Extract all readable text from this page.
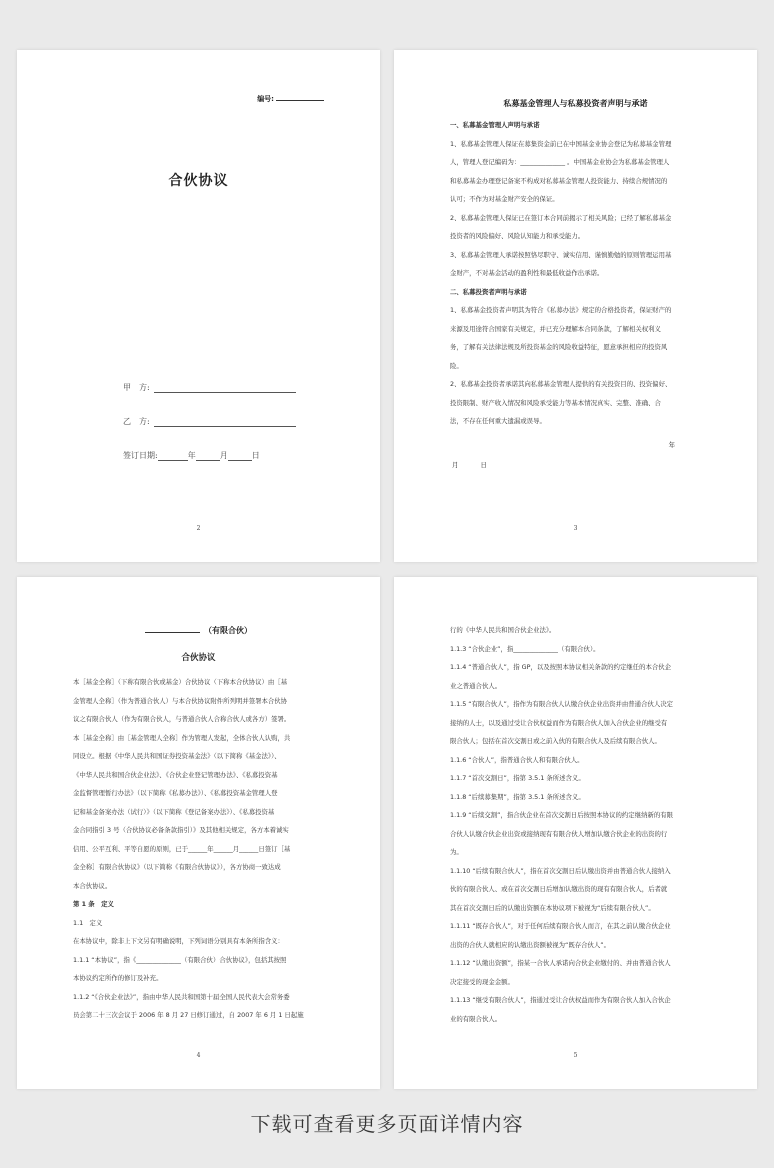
编号:
合伙协议
甲　方:
乙　方:
签订日期:	年	月	日
2
私募基金管理人与私募投资者声明与承诺

一、私募基金管理人声明与承诺

1、私募基金管理人保证在募集资金前已在中国基金业协会登记为私募基金管理

人，管理人登记编码为：______________ 。中国基金业协会为私募基金管理人

和私募基金办理登记备案不构成对私募基金管理人投资能力、持续合规情况的

认可；不作为对基金财产安全的保证。

2、私募基金管理人保证已在签订本合同前揭示了相关风险；已经了解私募基金

投资者的风险偏好、风险认知能力和承受能力。

3、私募基金管理人承诺按照恪尽职守、诚实信用、谨慎勤勉的原则管理运用基

金财产，不对基金活动的盈利性和最低收益作出承诺。

二、私募投资者声明与承诺

1、私募基金投资者声明其为符合《私募办法》规定的合格投资者，保证财产的

来源及用途符合国家有关规定，并已充分理解本合同条款，了解相关权利义

务，了解有关法律法规及所投资基金的风险收益特征，愿意承担相应的投资风

险。

2、私募基金投资者承诺其向私募基金管理人提供的有关投资目的、投资偏好、

投资限制、财产收入情况和风险承受能力等基本情况真实、完整、准确、合

法，不存在任何重大遗漏或误导。

年
月	日
3
（有限合伙）
合伙协议

本［基金全称］（下称有限合伙或基金）合伙协议（下称本合伙协议）由［基

金管理人全称］（作为普通合伙人）与本合伙协议附件所列明并签署本合伙协

议之有限合伙人（作为有限合伙人，与普通合伙人合称合伙人或各方）签署。

本［基金全称］由［基金管理人全称］作为管理人发起，全体合伙人认购，共

同设立。根据《中华人民共和国证券投资基金法》（以下简称《基金法》）、

《中华人民共和国合伙企业法》、《合伙企业登记管理办法》、《私募投资基

金监督管理暂行办法》（以下简称《私募办法》）、《私募投资基金管理人登

记和基金备案办法（试行）》（以下简称《登记备案办法》）、《私募投资基

金合同指引 3 号（合伙协议必备条款指引）》及其他相关规定，各方本着诚实

信用、公平互利、平等自愿的原则，已于______年______月______日签订［基

金全称］有限合伙协议》（以下简称《有限合伙协议》），各方协商一致达成

本合伙协议。

第 1 条　定义

1.1　定义

在本协议中，除非上下文另有明确说明，下列词语分别具有本条所指含义：

1.1.1 “本协议”，指《______________（有限合伙）合伙协议》，包括其按照

本协议约定所作的修订及补充。

1.1.2 “《合伙企业法》”，指由中华人民共和国第十届全国人民代表大会常务委

员会第二十三次会议于 2006 年 8 月 27 日修订通过，自 2007 年 6 月 1 日起施

4

行的《中华人民共和国合伙企业法》。

1.1.3 “合伙企业”，指______________（有限合伙）。

1.1.4 “普通合伙人”，指 GP，以及按照本协议相关条款的约定继任的本合伙企

业之普通合伙人。

1.1.5 “有限合伙人”，指作为有限合伙人认缴合伙企业出资并由普通合伙人决定

接纳的人士，以及通过受让合伙权益而作为有限合伙人加入合伙企业的继受有

限合伙人；包括在首次交割日或之前入伙的有限合伙人及后续有限合伙人。

1.1.6 “合伙人”，指普通合伙人和有限合伙人。

1.1.7 “首次交割日”，指第 3.5.1 条所述含义。

1.1.8 “后续募集期”，指第 3.5.1 条所述含义。

1.1.9 “后续交割”，指合伙企业在首次交割日后按照本协议的约定继纳新的有限

合伙人认缴合伙企业出资或接纳现有有限合伙人增加认缴合伙企业的出资的行

为。

1.1.10 “后续有限合伙人”，指在首次交割日后认缴出资并由普通合伙人接纳入

伙的有限合伙人、或在首次交割日后增加认缴出资的现有有限合伙人，后者就

其在首次交割日后的认缴出资额在本协议项下被视为“后续有限合伙人”。

1.1.11 “既存合伙人”，对于任何后续有限合伙人而言，在其之前认缴合伙企业

出资的合伙人就相应的认缴出资额被视为“既存合伙人”。

1.1.12 “认缴出资额”，指某一合伙人承诺向合伙企业缴付的、并由普通合伙人

决定接受的现金金额。

1.1.13 “继受有限合伙人”，指通过受让合伙权益而作为有限合伙人加入合伙企

业的有限合伙人。

5
下载可查看更多页面详情内容
